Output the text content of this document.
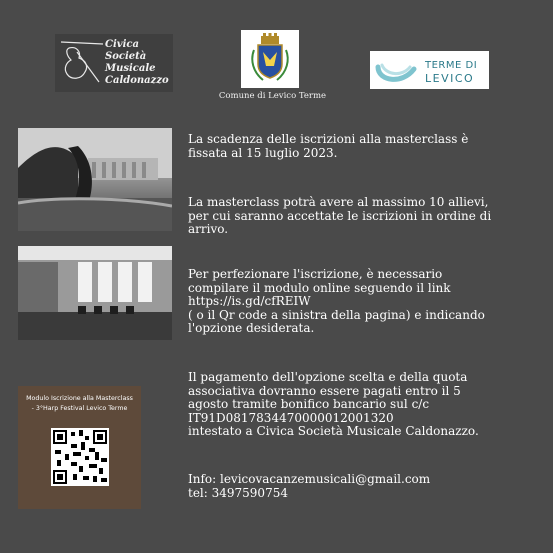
Civica
Società
Musicale
Caldonazzo
Comune di Levico Terme
TERME DI
LEVICO
Modulo Iscrizione alla Masterclass
- 3°Harp Festival Levico Terme
La scadenza delle iscrizioni alla masterclass è
fissata al 15 luglio 2023.
La masterclass potrà avere al massimo 10 allievi,
per cui saranno accettate le iscrizioni in ordine di
arrivo.
Per perfezionare l'iscrizione, è necessario
compilare il modulo online seguendo il link
https://is.gd/cfREIW
( o il Qr code a sinistra della pagina) e indicando
l'opzione desiderata.
Il pagamento dell'opzione scelta e della quota
associativa dovranno essere pagati entro il 5
agosto tramite bonifico bancario sul c/c
IT91D0817834470000012001320
intestato a Civica Società Musicale Caldonazzo.
Info: levicovacanzemusicali@gmail.com
tel: 3497590754
